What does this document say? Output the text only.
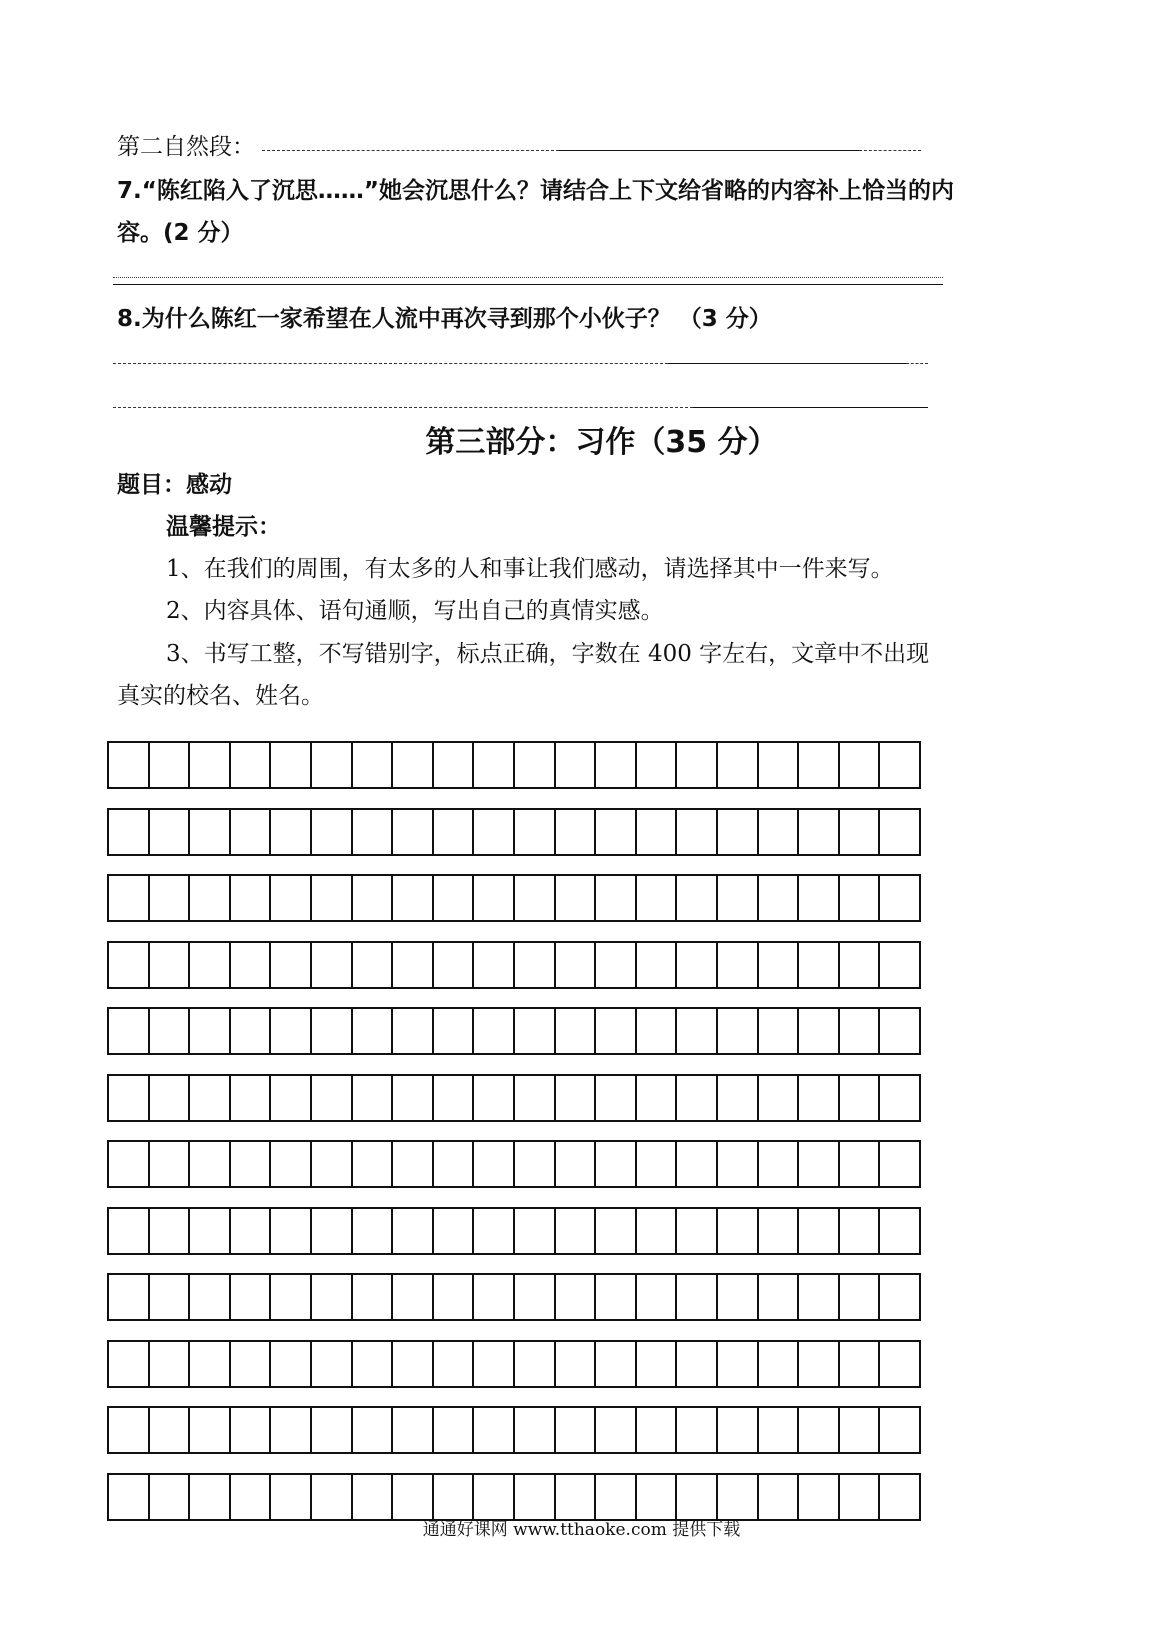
第二自然段：
7.“陈红陷入了沉思……”她会沉思什么？请结合上下文给省略的内容补上恰当的内
容。(2 分）
8.为什么陈红一家希望在人流中再次寻到那个小伙子？ （3 分）
第三部分：习作（35 分）
题目：感动
温馨提示：
1、在我们的周围，有太多的人和事让我们感动，请选择其中一件来写。
2、内容具体、语句通顺，写出自己的真情实感。
3、书写工整，不写错别字，标点正确，字数在 400 字左右，文章中不出现
真实的校名、姓名。
通通好课网 www.tthaoke.com 提供下载
